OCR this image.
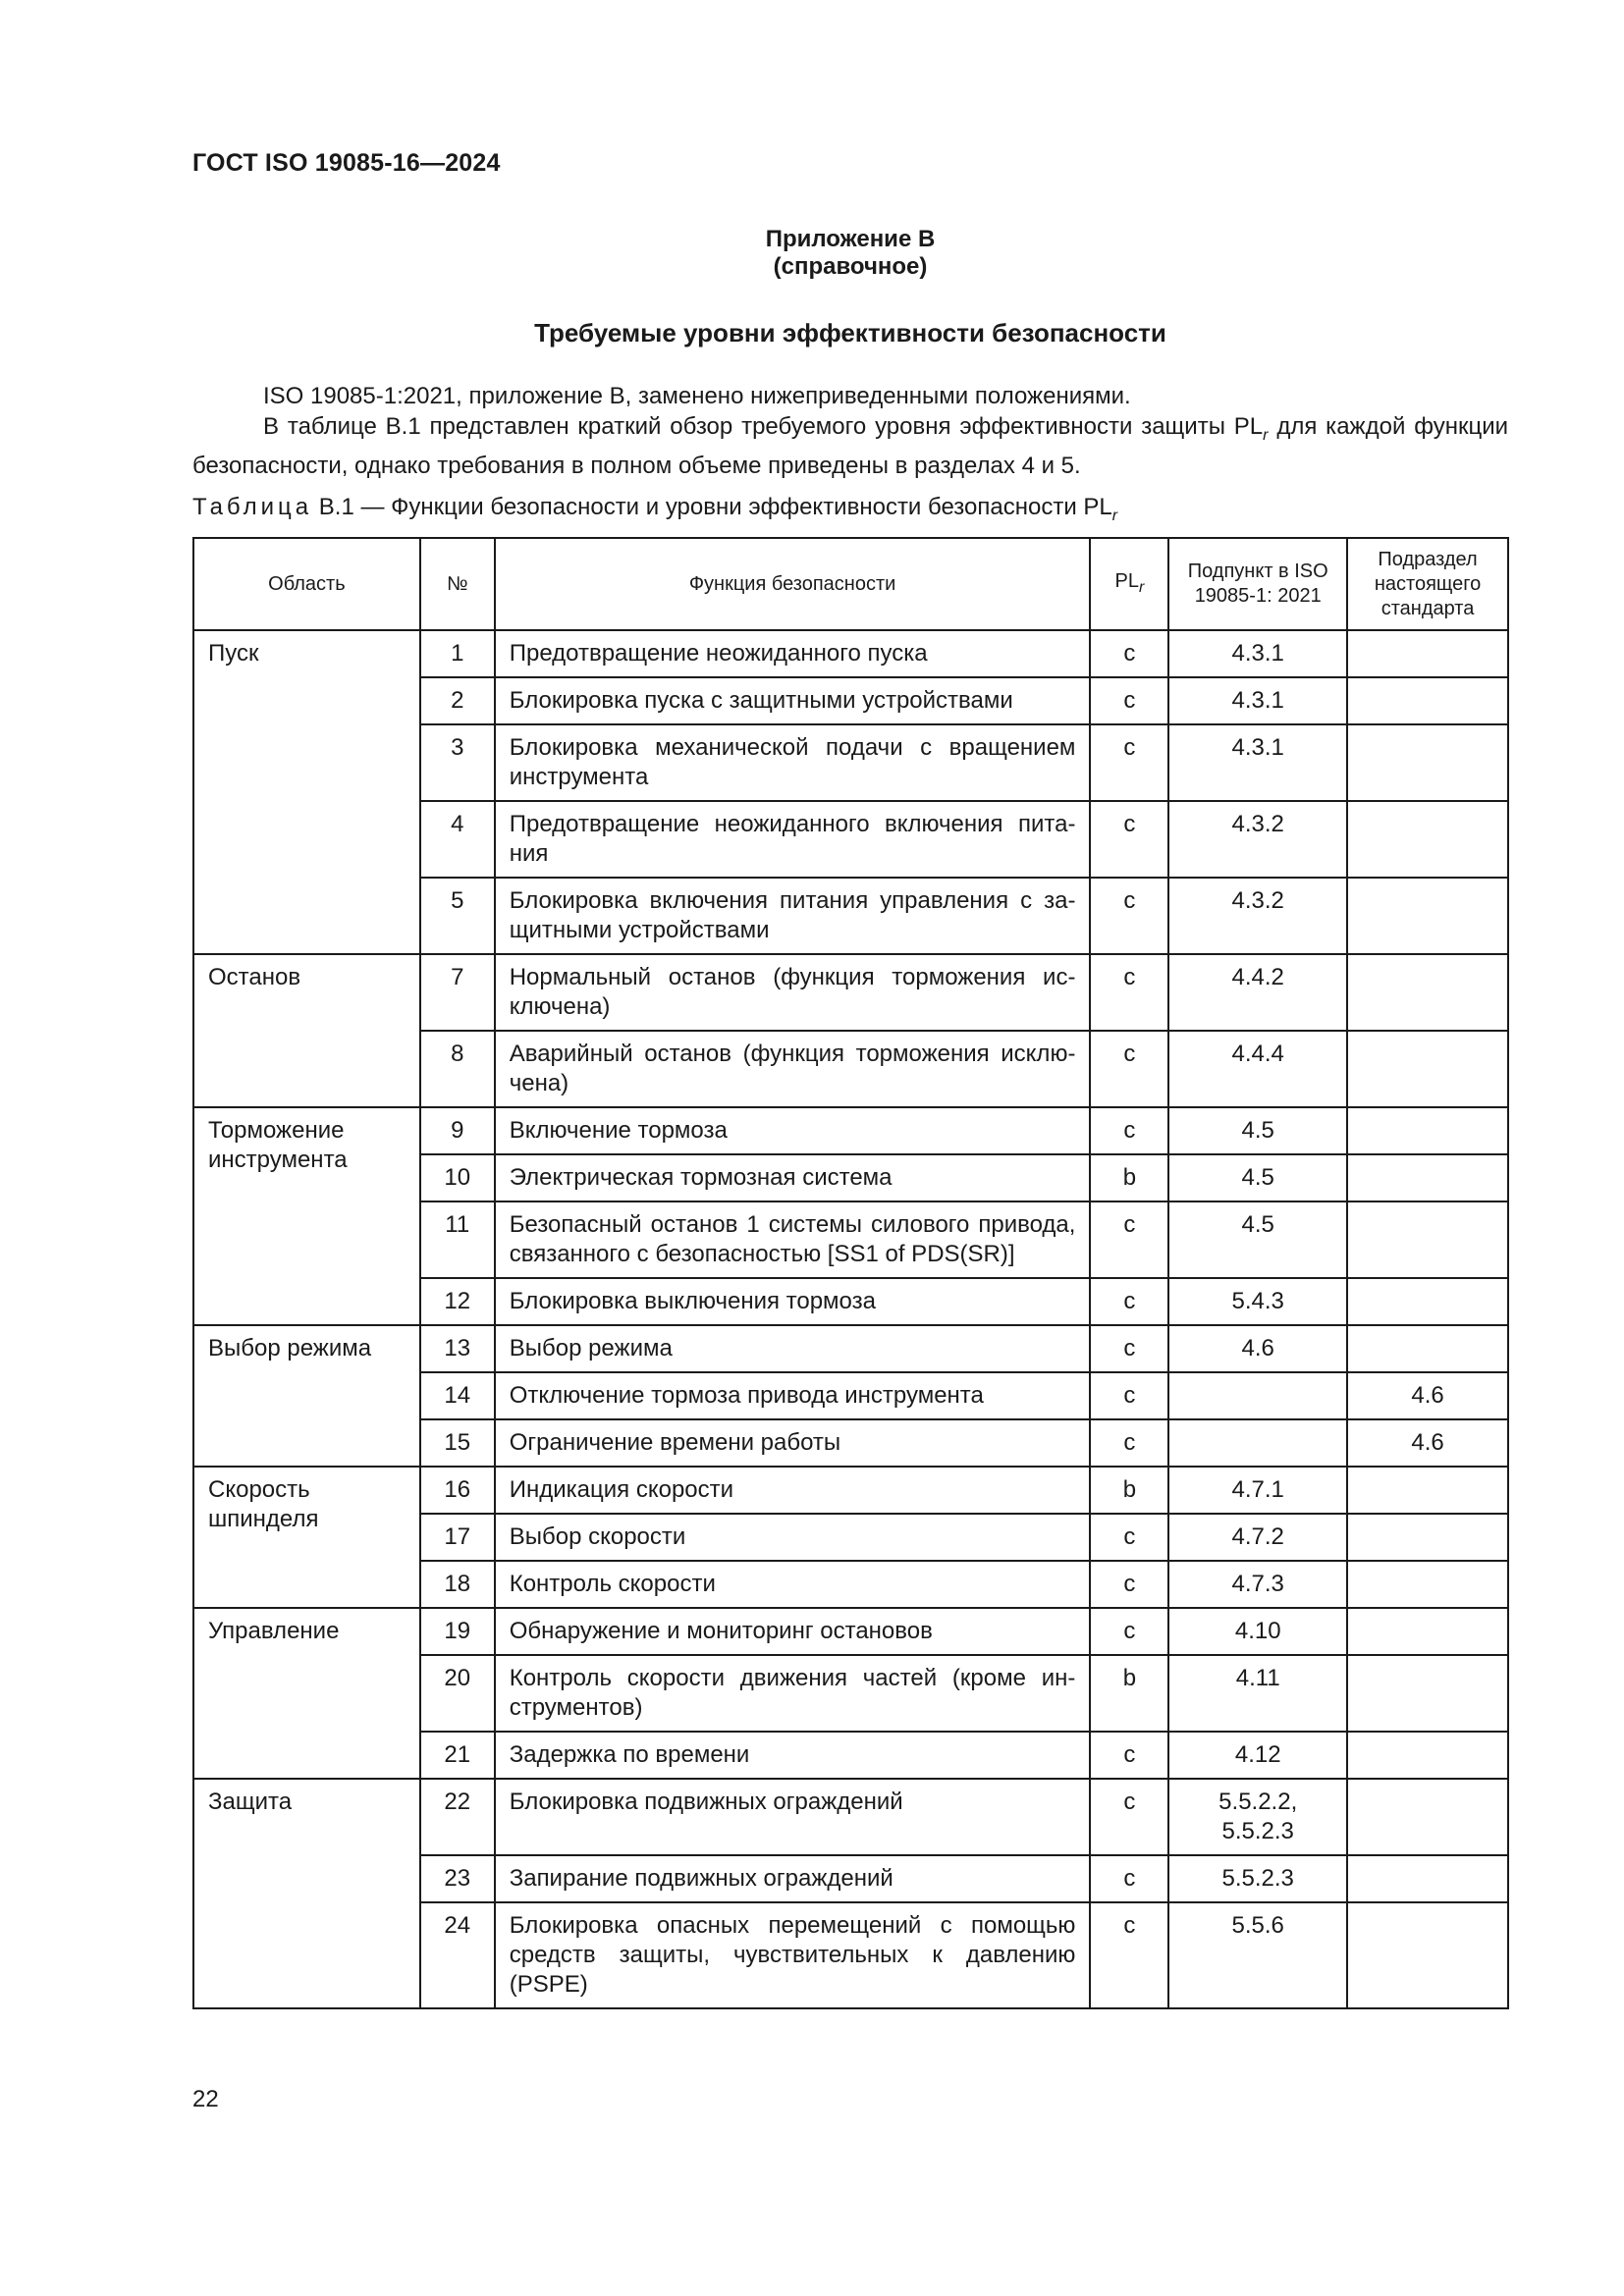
ГОСТ ISO 19085-16—2024
Приложение В
(справочное)
Требуемые уровни эффективности безопасности
ISO 19085-1:2021, приложение B, заменено нижеприведенными положениями.
В таблице В.1 представлен краткий обзор требуемого уровня эффективности защиты $PL_r$ для каждой функции безопасности, однако требования в полном объеме приведены в разделах 4 и 5.
Таблица В.1 — Функции безопасности и уровни эффективности безопасности $PL_r$
Область	№	Функция безопасности	$PL_r$	Подпункт в ISO 19085-1: 2021	Подраздел настоящего стандарта
Пуск	1	Предотвращение неожиданного пуска	c	4.3.1	
	2	Блокировка пуска с защитными устройствами	c	4.3.1	
	3	Блокировка механической подачи с вращением инструмента	c	4.3.1	
	4	Предотвращение неожиданного включения пита-ния	c	4.3.2	
	5	Блокировка включения питания управления с за-щитными устройствами	c	4.3.2	
Останов	7	Нормальный останов (функция торможения ис-ключена)	c	4.4.2	
	8	Аварийный останов (функция торможения исклю-чена)	c	4.4.4	
Торможение инструмента	9	Включение тормоза	c	4.5	
	10	Электрическая тормозная система	b	4.5	
	11	Безопасный останов 1 системы силового привода, связанного с безопасностью [SS1 of PDS(SR)]	c	4.5	
	12	Блокировка выключения тормоза	c	5.4.3	
Выбор режима	13	Выбор режима	c	4.6	
	14	Отключение тормоза привода инструмента	c		4.6
	15	Ограничение времени работы	c		4.6
Скорость шпинделя	16	Индикация скорости	b	4.7.1	
	17	Выбор скорости	c	4.7.2	
	18	Контроль скорости	c	4.7.3	
Управление	19	Обнаружение и мониторинг остановов	c	4.10	
	20	Контроль скорости движения частей (кроме ин-струментов)	b	4.11	
	21	Задержка по времени	c	4.12	
Защита	22	Блокировка подвижных ограждений	c	5.5.2.2, 5.5.2.3	
	23	Запирание подвижных ограждений	c	5.5.2.3	
	24	Блокировка опасных перемещений с помощью средств защиты, чувствительных к давлению (PSPE)	c	5.5.6	
22
